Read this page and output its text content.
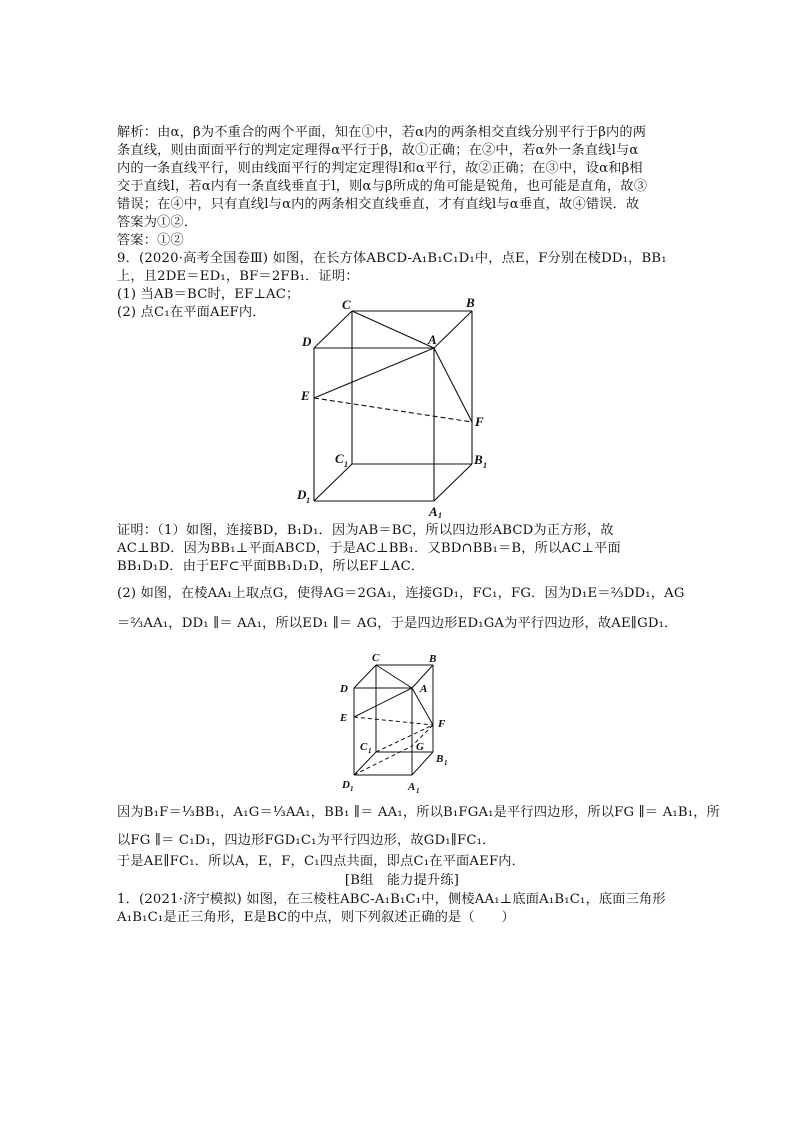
解析：由α，β为不重合的两个平面，知在①中，若α内的两条相交直线分别平行于β内的两
条直线，则由面面平行的判定定理得α平行于β，故①正确；在②中，若α外一条直线l与α
内的一条直线平行，则由线面平行的判定定理得l和α平行，故②正确；在③中，设α和β相
交于直线l，若α内有一条直线垂直于l，则α与β所成的角可能是锐角，也可能是直角，故③
错误；在④中，只有直线l与α内的两条相交直线垂直，才有直线l与α垂直，故④错误．故
答案为①②．
答案：①②
9．(2020·高考全国卷Ⅲ) 如图，在长方体ABCD-A₁B₁C₁D₁中，点E，F分别在棱DD₁，BB₁
上，且2DE＝ED₁，BF＝2FB₁．证明：
(1) 当AB＝BC时，EF⊥AC；
(2) 点C₁在平面AEF内．
C	B
D	A
E
F
C 1	B 1
D 1
A 1
证明：（1）如图，连接BD，B₁D₁．因为AB＝BC，所以四边形ABCD为正方形，故
AC⊥BD．因为BB₁⊥平面ABCD，于是AC⊥BB₁．又BD∩BB₁＝B，所以AC⊥平面
BB₁D₁D．由于EF⊂平面BB₁D₁D，所以EF⊥AC．
(2) 如图，在棱AA₁上取点G，使得AG＝2GA₁，连接GD₁，FC₁，FG．因为D₁E＝⅔DD₁，AG
＝⅔AA₁，DD₁ ∥＝ AA₁，所以ED₁ ∥＝ AG，于是四边形ED₁GA为平行四边形，故AE∥GD₁．
C	B
D	A
E	F
G
C 1
B 1
D 1	A 1
因为B₁F＝⅓BB₁，A₁G＝⅓AA₁，BB₁ ∥＝ AA₁，所以B₁FGA₁是平行四边形，所以FG ∥＝ A₁B₁，所
以FG ∥＝ C₁D₁，四边形FGD₁C₁为平行四边形，故GD₁∥FC₁．
于是AE∥FC₁．所以A，E，F，C₁四点共面，即点C₁在平面AEF内．
[B组　能力提升练]
1．(2021·济宁模拟) 如图，在三棱柱ABC-A₁B₁C₁中，侧棱AA₁⊥底面A₁B₁C₁，底面三角形
A₁B₁C₁是正三角形，E是BC的中点，则下列叙述正确的是（　　）
